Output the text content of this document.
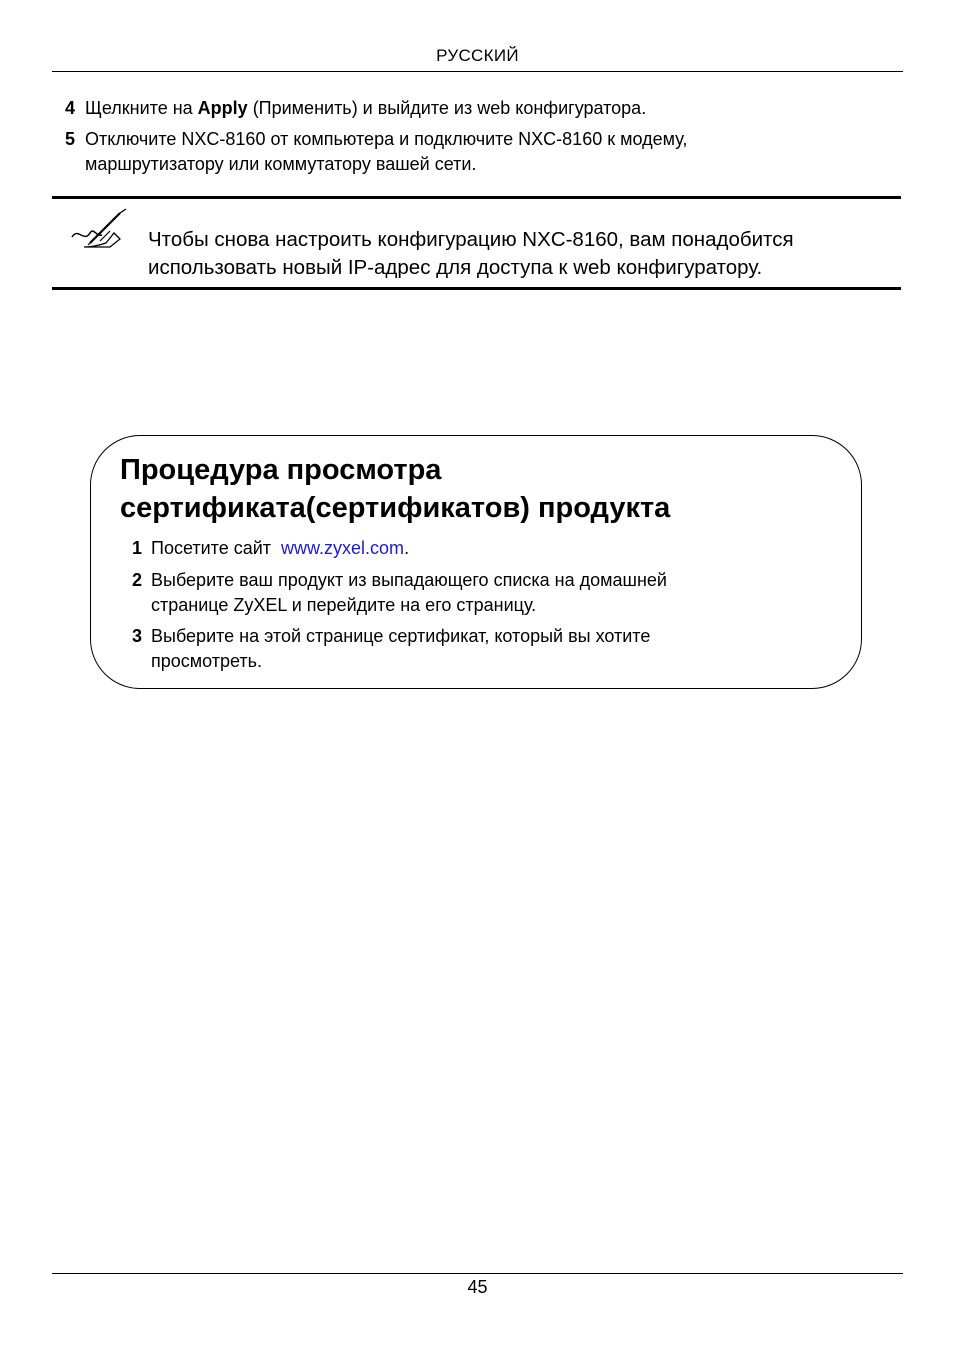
РУССКИЙ
4 Щелкните на Apply (Применить) и выйдите из web конфигуратора.
5 Отключите NXC-8160 от компьютера и подключите NXC-8160 к модему,
маршрутизатору или коммутатору вашей сети.
Чтобы снова настроить конфигурацию NXC-8160, вам понадобится
использовать новый IP-адрес для доступа к web конфигуратору.
Процедура просмотра
сертификата(сертификатов) продукта
1 Посетите сайт  www.zyxel.com.
2 Выберите ваш продукт из выпадающего списка на домашней
странице ZyXEL и перейдите на его страницу.
3 Выберите на этой странице сертификат, который вы хотите
просмотреть.
45
